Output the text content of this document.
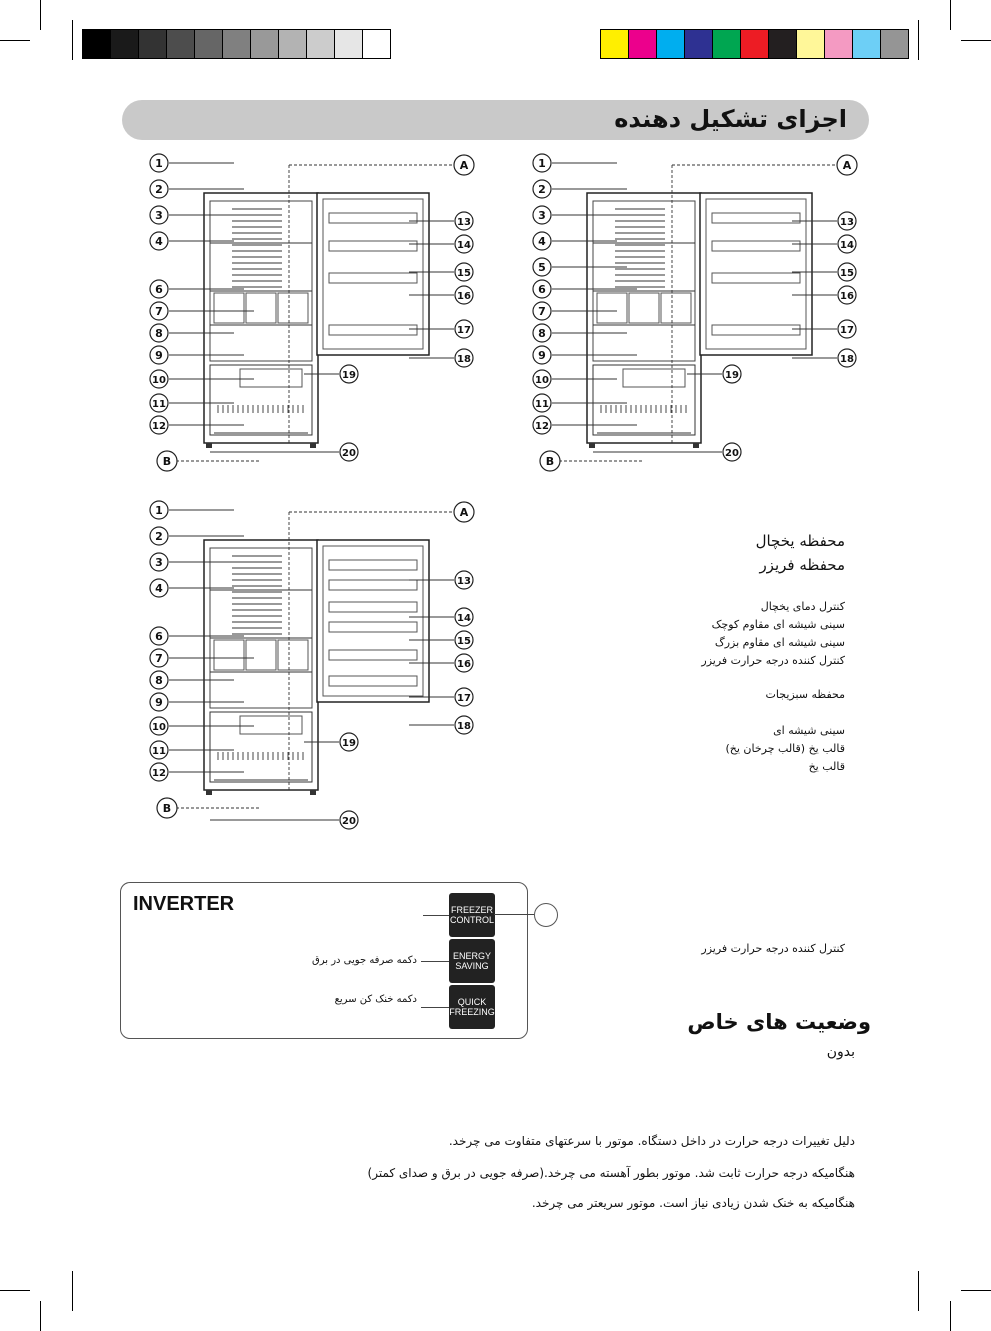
اجزای تشکیل دهنده
A
B
1
2
3
4
6
7
8
9
10
11
12
13
14
15
16
17
18
19
20
A
B
1
2
3
4
5
6
7
8
9
10
11
12
13
14
15
16
17
18
19
20
A
B
1
2
3
4
6
7
8
9
10
11
12
13
14
15
16
17
18
19
20
محفظه یخچال
محفظه فریزر
کنترل دمای یخچال
سینی شیشه ای مقاوم کوچک
سینی شیشه ای مقاوم بزرگ
کنترل کننده درجه حرارت فریزر
محفظه سبزیجات
سینی شیشه ای
قالب یخ (قالب چرخان یخ)
قالب یخ
INVERTER	FREEZER
CONTROL
ENERGY
SAVING
QUICK
FREEZING
دکمه صرفه جویی در برق
دکمه خنک کن سریع
کنترل کننده درجه حرارت فریزر
وضعیت های خاص
بدون
دلیل تغییرات درجه حرارت در داخل دستگاه. موتور با سرعتهای متفاوت می چرخد.
هنگامیکه درجه حرارت ثابت شد. موتور بطور آهسته می چرخد.(صرفه جویی در برق و صدای کمتر)
هنگامیکه به خنک شدن زیادی نیاز است. موتور سریعتر می چرخد.
